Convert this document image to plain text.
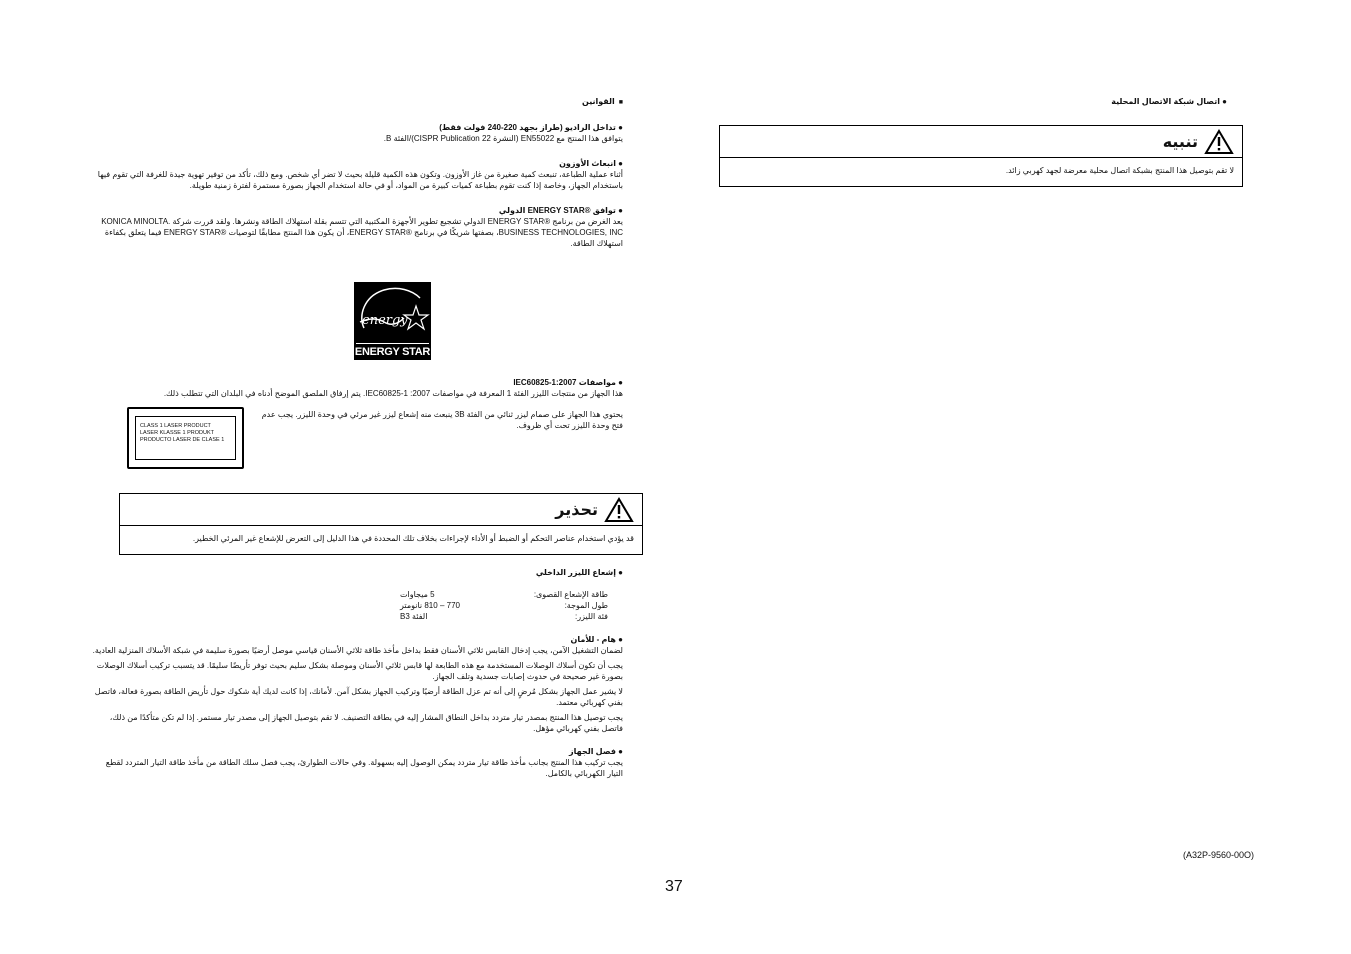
■القوانين
● تداخل الراديو (طراز بجهد 220-240 فولت فقط)

يتوافق هذا المنتج مع EN55022 (النشرة 22 CISPR Publication)/الفئة B.

● انبعاث الأوزون

أثناء عملية الطباعة، تنبعث كمية صغيرة من غاز الأوزون. وتكون هذه الكمية قليلة بحيث لا تضر أي شخص. ومع ذلك، تأكد من توفير تهوية جيدة للغرفة التي تقوم فيها باستخدام الجهاز، وخاصة إذا كنت تقوم بطباعة كميات كبيرة من المواد، أو في حالة استخدام الجهاز بصورة مستمرة لفترة زمنية طويلة.

● توافق ®ENERGY STAR الدولي

يعد الغرض من برنامج ®ENERGY STAR الدولي تشجيع تطوير الأجهزة المكتبية التي تتسم بقلة استهلاك الطاقة ونشرها. ولقد قررت شركة .KONICA MINOLTA BUSINESS TECHNOLOGIES, INC، بصفتها شريكًا في برنامج ®ENERGY STAR، أن يكون هذا المنتج مطابقًا لتوصيات ®ENERGY STAR فيما يتعلق بكفاءة استهلاك الطاقة.

energy
ENERGY STAR
● مواصفات IEC60825-1:2007

هذا الجهاز من منتجات الليزر الفئة 1 المعرفة في مواصفات IEC60825-1 :2007. يتم إرفاق الملصق الموضح أدناه في البلدان التي تتطلب ذلك.

CLASS 1 LASER PRODUCT
LASER KLASSE 1 PRODUKT
PRODUCTO LASER DE CLASE 1
يحتوي هذا الجهاز على صمام ليزر ثنائي من الفئة 3B ينبعث منه إشعاع ليزر غير مرئي في وحدة الليزر. يجب عدم فتح وحدة الليزر تحت أي ظروف.
تحذير
قد يؤدي استخدام عناصر التحكم أو الضبط أو الأداء لإجراءات بخلاف تلك المحددة في هذا الدليل إلى التعرض للإشعاع غير المرئي الخطير.
● إشعاع الليزر الداخلي
طاقة الإشعاع القصوى:
5 ميجاوات
طول الموجة:
770 – 810 نانومتر
فئة الليزر:
الفئة B3
● هام - للأمان

لضمان التشغيل الآمن، يجب إدخال القابس ثلاثي الأسنان فقط بداخل مأخذ طاقة ثلاثي الأسنان قياسي موصل أرضيًا بصورة سليمة في شبكة الأسلاك المنزلية العادية.

يجب أن تكون أسلاك الوصلات المستخدمة مع هذه الطابعة لها قابس ثلاثي الأسنان وموصلة بشكل سليم بحيث توفر تأريضًا سليمًا. قد يتسبب تركيب أسلاك الوصلات بصورة غير صحيحة في حدوث إصابات جسدية وتلف الجهاز.

لا يشير عمل الجهاز بشكل مُرضٍ إلى أنه تم عزل الطاقة أرضيًا وتركيب الجهاز بشكل آمن. لأمانك، إذا كانت لديك أية شكوك حول تأريض الطاقة بصورة فعالة، فاتصل بفني كهربائي معتمد.

يجب توصيل هذا المنتج بمصدر تيار متردد بداخل النطاق المشار إليه في بطاقة التصنيف. لا تقم بتوصيل الجهاز إلى مصدر تيار مستمر. إذا لم تكن متأكدًا من ذلك، فاتصل بفني كهربائي مؤهل.

● فصل الجهاز

يجب تركيب هذا المنتج بجانب مأخذ طاقة تيار متردد يمكن الوصول إليه بسهولة. وفي حالات الطوارئ، يجب فصل سلك الطاقة من مأخذ طاقة التيار المتردد لقطع التيار الكهربائي بالكامل.

● اتصال شبكة الاتصال المحلية
تنبيه
لا تقم بتوصيل هذا المنتج بشبكة اتصال محلية معرضة لجهد كهربي زائد.
(A32P-9560-00O)
37
